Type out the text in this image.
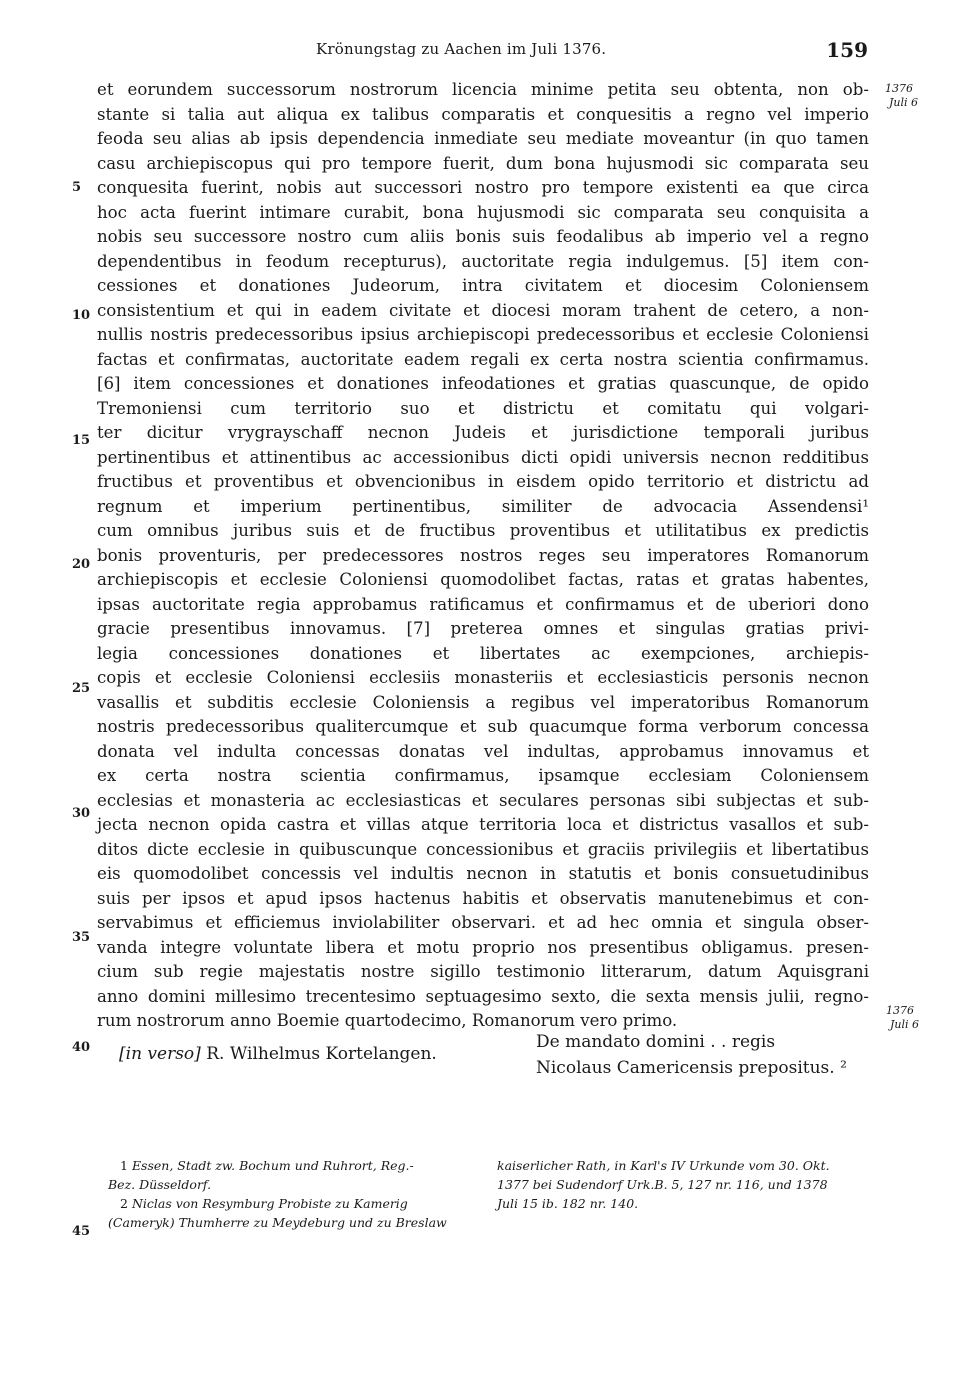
Krönungstag zu Aachen im Juli 1376.	159
1376
Juli 6
1376
Juli 6
5
10
15
20
25
30
35
40
45
et eorundem successorum nostrorum licencia minime petita seu obtenta, non ob-
stante si talia aut aliqua ex talibus comparatis et conquesitis a regno vel imperio
feoda seu alias ab ipsis dependencia inmediate seu mediate moveantur (in quo tamen
casu archiepiscopus qui pro tempore fuerit, dum bona hujusmodi sic comparata seu
conquesita fuerint, nobis aut successori nostro pro tempore existenti ea que circa
hoc acta fuerint intimare curabit, bona hujusmodi sic comparata seu conquisita a
nobis seu successore nostro cum aliis bonis suis feodalibus ab imperio vel a regno
dependentibus in feodum recepturus), auctoritate regia indulgemus. [5] item con-
cessiones et donationes Judeorum, intra civitatem et diocesim Coloniensem
consistentium et qui in eadem civitate et diocesi moram trahent de cetero, a non-
nullis nostris predecessoribus ipsius archiepiscopi predecessoribus et ecclesie Coloniensi
factas et confirmatas, auctoritate eadem regali ex certa nostra scientia confirmamus.
[6] item concessiones et donationes infeodationes et gratias quascunque, de opido
Tremoniensi cum territorio suo et districtu et comitatu qui volgari-
ter dicitur vrygrayschaff necnon Judeis et jurisdictione temporali juribus
pertinentibus et attinentibus ac accessionibus dicti opidi universis necnon redditibus
fructibus et proventibus et obvencionibus in eisdem opido territorio et districtu ad
regnum et imperium pertinentibus, similiter de advocacia Assendensi¹
cum omnibus juribus suis et de fructibus proventibus et utilitatibus ex predictis
bonis proventuris, per predecessores nostros reges seu imperatores Romanorum
archiepiscopis et ecclesie Coloniensi quomodolibet factas, ratas et gratas habentes,
ipsas auctoritate regia approbamus ratificamus et confirmamus et de uberiori dono
gracie presentibus innovamus. [7] preterea omnes et singulas gratias privi-
legia concessiones donationes et libertates ac exempciones, archiepis-
copis et ecclesie Coloniensi ecclesiis monasteriis et ecclesiasticis personis necnon
vasallis et subditis ecclesie Coloniensis a regibus vel imperatoribus Romanorum
nostris predecessoribus qualitercumque et sub quacumque forma verborum concessa
donata vel indulta concessas donatas vel indultas, approbamus innovamus et
ex certa nostra scientia confirmamus, ipsamque ecclesiam Coloniensem
ecclesias et monasteria ac ecclesiasticas et seculares personas sibi subjectas et sub-
jecta necnon opida castra et villas atque territoria loca et districtus vasallos et sub-
ditos dicte ecclesie in quibuscunque concessionibus et graciis privilegiis et libertatibus
eis quomodolibet concessis vel indultis necnon in statutis et bonis consuetudinibus
suis per ipsos et apud ipsos hactenus habitis et observatis manutenebimus et con-
servabimus et efficiemus inviolabiliter observari. et ad hec omnia et singula obser-
vanda integre voluntate libera et motu proprio nos presentibus obligamus. presen-
cium sub regie majestatis nostre sigillo testimonio litterarum, datum Aquisgrani
anno domini millesimo trecentesimo septuagesimo sexto, die sexta mensis julii, regno-
rum nostrorum anno Boemie quartodecimo, Romanorum vero primo.
[in verso] R. Wilhelmus Kortelangen.
De mandato domini . . regis
Nicolaus Camericensis prepositus. ²
1 Essen, Stadt zw. Bochum und Ruhrort, Reg.-
Bez. Düsseldorf.
2 Niclas von Resymburg Probiste zu Kamerig
(Cameryk) Thumherre zu Meydeburg und zu Breslaw
kaiserlicher Rath, in Karl's IV Urkunde vom 30. Okt.
1377 bei Sudendorf Urk.B. 5, 127 nr. 116, und 1378
Juli 15 ib. 182 nr. 140.
